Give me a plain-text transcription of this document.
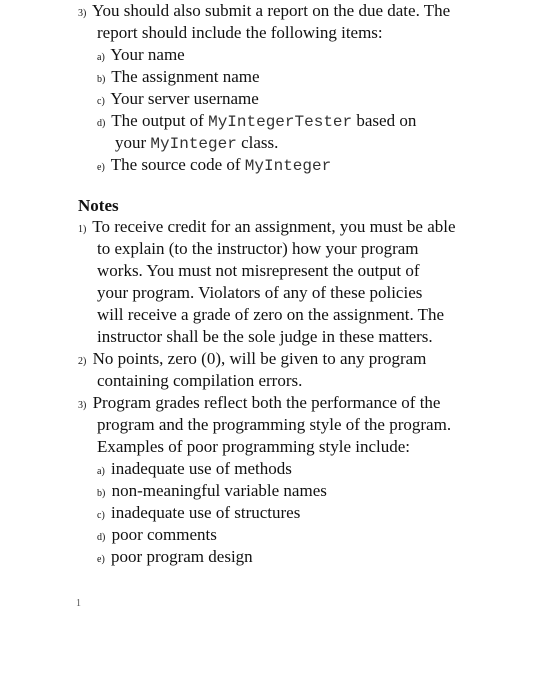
3) You should also submit a report on the due date. The
report should include the following items:
a) Your name
b) The assignment name
c) Your server username
d) The output of MyIntegerTester based on
your MyInteger class.
e) The source code of MyInteger
Notes
1) To receive credit for an assignment, you must be able
to explain (to the instructor) how your program
works. You must not misrepresent the output of
your program. Violators of any of these policies
will receive a grade of zero on the assignment. The
instructor shall be the sole judge in these matters.
2) No points, zero (0), will be given to any program
containing compilation errors.
3) Program grades reflect both the performance of the
program and the programming style of the program.
Examples of poor programming style include:
a) inadequate use of methods
b) non-meaningful variable names
c) inadequate use of structures
d) poor comments
e) poor program design
1
